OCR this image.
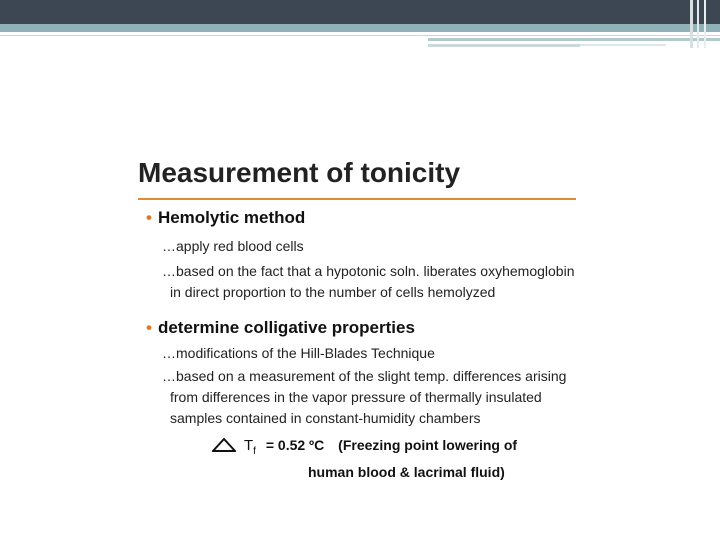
Measurement of tonicity
• Hemolytic method
…apply red blood cells
…based on the fact that a hypotonic soln. liberates oxyhemoglobin
in direct proportion to the number of cells hemolyzed
• determine colligative properties
…modifications of the Hill-Blades Technique
…based on a measurement of the slight temp. differences arising
from differences in the vapor pressure of thermally insulated
samples contained in constant-humidity chambers
$T_f = 0.52$ ºC (Freezing point lowering of
human blood & lacrimal fluid)
